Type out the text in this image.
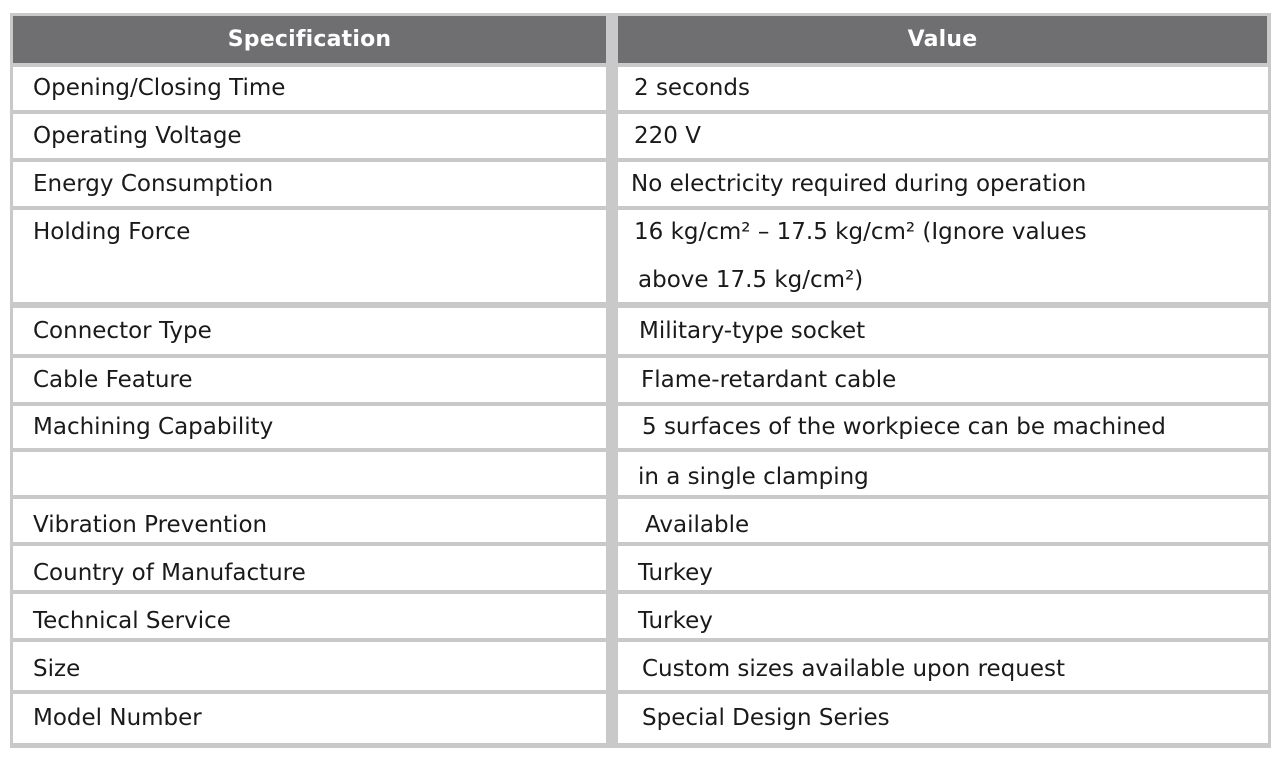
Specification	Value
Opening/Closing Time	2 seconds
Operating Voltage	220 V
Energy Consumption	No electricity required during operation
Holding Force	16 kg/cm² – 17.5 kg/cm² (Ignore values
above 17.5 kg/cm²)
Connector Type	Military-type socket
Cable Feature	Flame-retardant cable
Machining Capability	5 surfaces of the workpiece can be machined
in a single clamping
Vibration Prevention	Available
Country of Manufacture	Turkey
Technical Service	Turkey
Size	Custom sizes available upon request
Model Number	Special Design Series
